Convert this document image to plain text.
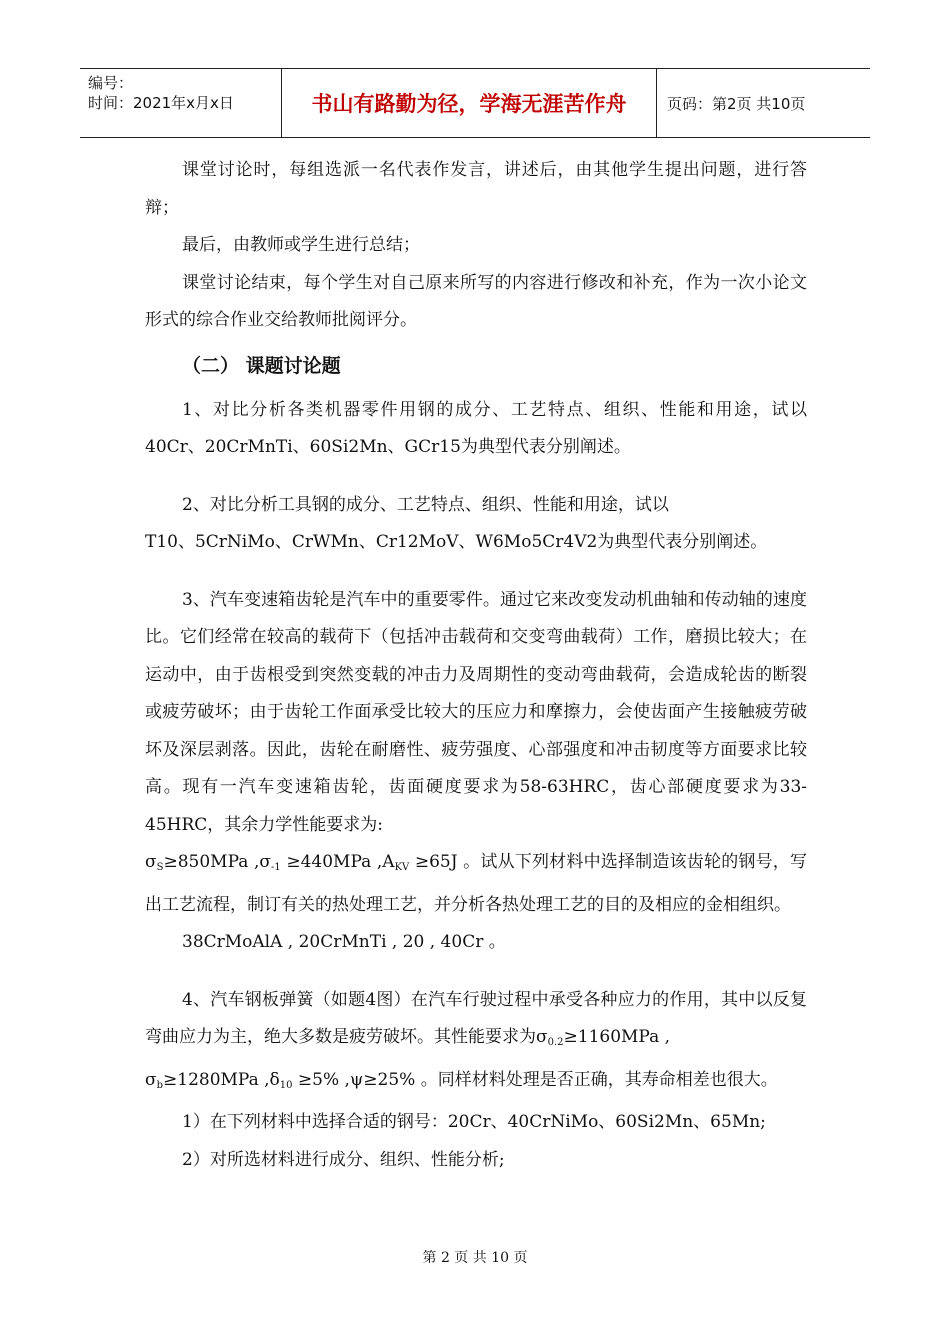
编号：
时间：2021年x月x日	书山有路勤为径，学海无涯苦作舟	页码：第2页 共10页

课堂讨论时，每组选派一名代表作发言，讲述后，由其他学生提出问题，进行答辩；

最后，由教师或学生进行总结；

课堂讨论结束，每个学生对自己原来所写的内容进行修改和补充，作为一次小论文形式的综合作业交给教师批阅评分。

（二） 课题讨论题

1、对比分析各类机器零件用钢的成分、工艺特点、组织、性能和用途，试以40Cr、20CrMnTi、60Si2Mn、GCr15为典型代表分别阐述。

2、对比分析工具钢的成分、工艺特点、组织、性能和用途，试以

T10、5CrNiMo、CrWMn、Cr12MoV、W6Mo5Cr4V2为典型代表分别阐述。

3、汽车变速箱齿轮是汽车中的重要零件。通过它来改变发动机曲轴和传动轴的速度比。它们经常在较高的载荷下（包括冲击载荷和交变弯曲载荷）工作，磨损比较大；在运动中，由于齿根受到突然变载的冲击力及周期性的变动弯曲载荷，会造成轮齿的断裂或疲劳破坏；由于齿轮工作面承受比较大的压应力和摩擦力，会使齿面产生接触疲劳破坏及深层剥落。因此，齿轮在耐磨性、疲劳强度、心部强度和冲击韧度等方面要求比较高。现有一汽车变速箱齿轮，齿面硬度要求为58-63HRC，齿心部硬度要求为33-45HRC，其余力学性能要求为:
$\sigma_S\ge 850MPa$ $,\sigma_{-1} \ge 440MPa$ $,A_{KV} \ge 65J$ 。试从下列材料中选择制造该齿轮的钢号，写出工艺流程，制订有关的热处理工艺，并分析各热处理工艺的目的及相应的金相组织。

38CrMoAlA , 20CrMnTi , 20 , 40Cr 。

4、汽车钢板弹簧（如题4图）在汽车行驶过程中承受各种应力的作用，其中以反复弯曲应力为主，绝大多数是疲劳破坏。其性能要求为$\sigma_{0.2}\ge 1160MPa$ ,
$\sigma_b\ge 1280MPa$ $,\delta_{10} \ge 5\%$ ,ψ≥25% 。同样材料处理是否正确，其寿命相差也很大。

1）在下列材料中选择合适的钢号：20Cr、40CrNiMo、60Si2Mn、65Mn;

2）对所选材料进行成分、组织、性能分析;

第 2 页 共 10 页
